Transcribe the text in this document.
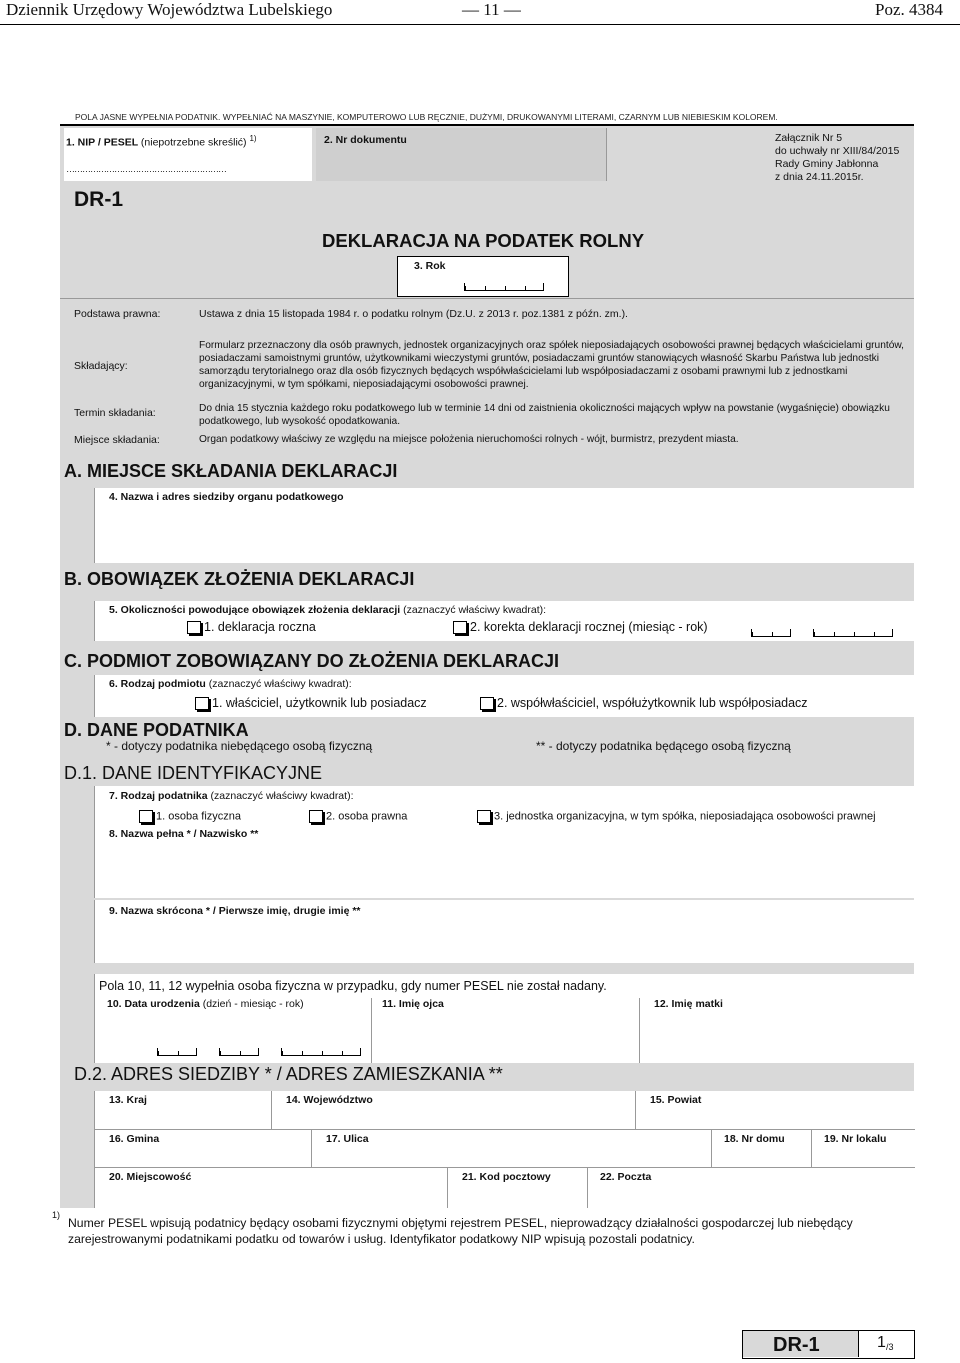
Dziennik Urzędowy Województwa Lubelskiego	— 11 —	Poz. 4384
POLA JASNE WYPEŁNIA PODATNIK. WYPEŁNIAĆ NA MASZYNIE, KOMPUTEROWO LUB RĘCZNIE, DUŻYMI, DRUKOWANYMI LITERAMI, CZARNYM LUB NIEBIESKIM KOLOREM.
1. NIP / PESEL (niepotrzebne skreślić) $^{1)}$
……………………………………………………
2. Nr dokumentu	Załącznik Nr 5
do uchwały nr XIII/84/2015
Rady Gminy Jabłonna
z dnia 24.11.2015r.
DR-1
DEKLARACJA NA PODATEK ROLNY
3. Rok
Podstawa prawna:	Ustawa z dnia 15 listopada 1984 r. o podatku rolnym (Dz.U. z 2013 r. poz.1381 z późn. zm.).
Składający:
Formularz przeznaczony dla osób prawnych, jednostek organizacyjnych oraz spółek nieposiadających osobowości prawnej będących właścicielami gruntów, posiadaczami samoistnymi gruntów, użytkownikami wieczystymi gruntów, posiadaczami gruntów stanowiących własność Skarbu Państwa lub jednostki samorządu terytorialnego oraz dla osób fizycznych będących współwłaścicielami lub współposiadaczami z osobami prawnymi lub z jednostkami organizacyjnymi, w tym spółkami, nieposiadającymi osobowości prawnej.
Termin składania:	Do dnia 15 stycznia każdego roku podatkowego lub w terminie 14 dni od zaistnienia okoliczności mających wpływ na powstanie (wygaśnięcie) obowiązku podatkowego, lub wysokość opodatkowania.
Miejsce składania:	Organ podatkowy właściwy ze względu na miejsce położenia nieruchomości rolnych - wójt, burmistrz, prezydent miasta.
A. MIEJSCE SKŁADANIA DEKLARACJI
4. Nazwa i adres siedziby organu podatkowego
B. OBOWIĄZEK ZŁOŻENIA DEKLARACJI
5. Okoliczności powodujące obowiązek złożenia deklaracji (zaznaczyć właściwy kwadrat):
1. deklaracja roczna	2. korekta deklaracji rocznej (miesiąc - rok)
C. PODMIOT ZOBOWIĄZANY DO ZŁOŻENIA DEKLARACJI
6. Rodzaj podmiotu (zaznaczyć właściwy kwadrat):
1. właściciel, użytkownik lub posiadacz	2. współwłaściciel, współużytkownik lub współposiadacz
D. DANE PODATNIKA
* - dotyczy podatnika niebędącego osobą fizyczną	** - dotyczy podatnika będącego osobą fizyczną
D.1. DANE IDENTYFIKACYJNE
7. Rodzaj podatnika (zaznaczyć właściwy kwadrat):
1. osoba fizyczna	2. osoba prawna	3. jednostka organizacyjna, w tym spółka, nieposiadająca osobowości prawnej
8. Nazwa pełna * / Nazwisko **
9. Nazwa skrócona * / Pierwsze imię, drugie imię **
Pola 10, 11, 12 wypełnia osoba fizyczna w przypadku, gdy numer PESEL nie został nadany.
10. Data urodzenia (dzień - miesiąc - rok)	11. Imię ojca	12. Imię matki
D.2. ADRES SIEDZIBY * / ADRES ZAMIESZKANIA **
13. Kraj	14. Województwo	15. Powiat
16. Gmina	17. Ulica	18. Nr domu	19. Nr lokalu
20. Miejscowość	21. Kod pocztowy	22. Poczta
1)
Numer PESEL wpisują podatnicy będący osobami fizycznymi objętymi rejestrem PESEL, nieprowadzący działalności gospodarczej lub niebędący zarejestrowanymi podatnikami podatku od towarów i usług. Identyfikator podatkowy NIP wpisują pozostali podatnicy.
DR-1	1 /3
